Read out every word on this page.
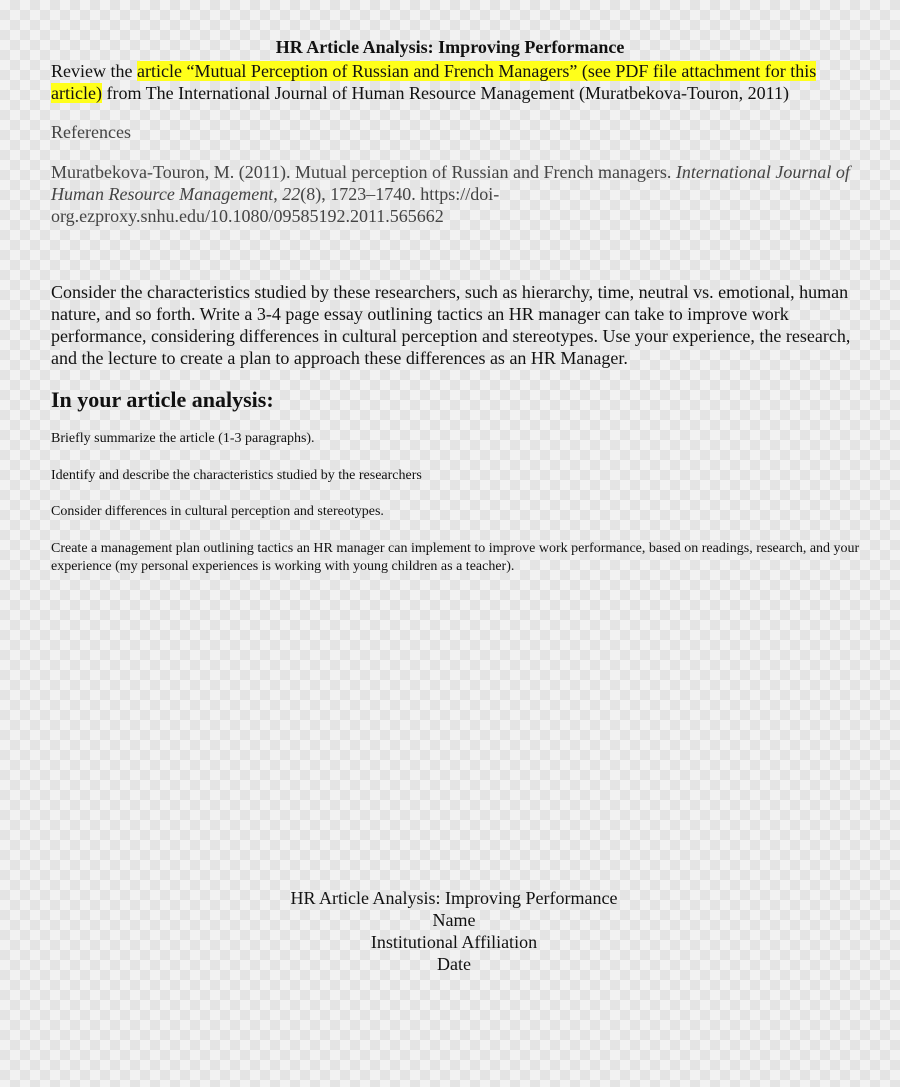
HR Article Analysis: Improving Performance

Review the article “Mutual Perception of Russian and French Managers” (see PDF file attachment for this article) from The International Journal of Human Resource Management (Muratbekova-Touron, 2011)

References

Muratbekova-Touron, M. (2011). Mutual perception of Russian and French managers. International Journal of Human Resource Management, 22(8), 1723–1740. https://doi-org.ezproxy.snhu.edu/10.1080/09585192.2011.565662

Consider the characteristics studied by these researchers, such as hierarchy, time, neutral vs. emotional, human nature, and so forth. Write a 3-4 page essay outlining tactics an HR manager can take to improve work performance, considering differences in cultural perception and stereotypes. Use your experience, the research, and the lecture to create a plan to approach these differences as an HR Manager.

In your article analysis:

Briefly summarize the article (1-3 paragraphs).

Identify and describe the characteristics studied by the researchers

Consider differences in cultural perception and stereotypes.

Create a management plan outlining tactics an HR manager can implement to improve work performance, based on readings, research, and your experience (my personal experiences is working with young children as a teacher).

HR Article Analysis: Improving Performance
Name
Institutional Affiliation
Date
